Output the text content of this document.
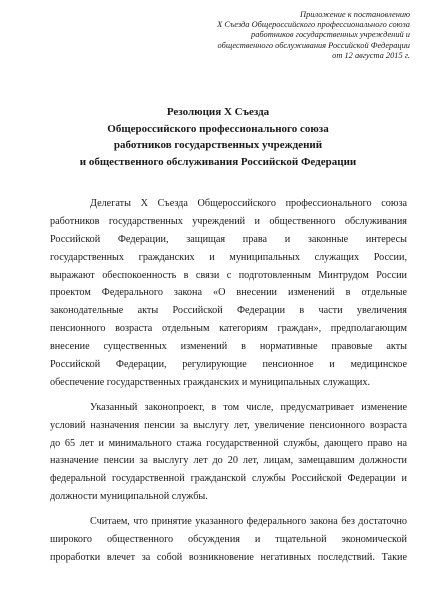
Приложение к постановлению
X Съезда Общероссийского профессионального союза
работников государственных учреждений и
общественного обслуживания Российской Федерации
от 12 августа 2015 г.
Резолюция X Съезда
Общероссийского профессионального союза
работников государственных учреждений
и общественного обслуживания Российской Федерации

Делегаты X Съезда Общероссийского профессионального союза
работников государственных учреждений и общественного обслуживания
Российской Федерации, защищая права и законные интересы
государственных гражданских и муниципальных служащих России,
выражают обеспокоенность в связи с подготовленным Минтрудом России
проектом Федерального закона «О внесении изменений в отдельные
законодательные акты Российской Федерации в части увеличения
пенсионного возраста отдельным категориям граждан», предполагающим
внесение существенных изменений в нормативные правовые акты
Российской Федерации, регулирующие пенсионное и медицинское
обеспечение государственных гражданских и муниципальных служащих.

Указанный законопроект, в том числе, предусматривает изменение
условий назначения пенсии за выслугу лет, увеличение пенсионного возраста
до 65 лет и минимального стажа государственной службы, дающего право на
назначение пенсии за выслугу лет до 20 лет, лицам, замещавшим должности
федеральной государственной гражданской службы Российской Федерации и
должности муниципальной службы.

Считаем, что принятие указанного федерального закона без достаточно
широкого общественного обсуждения и тщательной экономической
проработки влечет за собой возникновение негативных последствий. Такие
